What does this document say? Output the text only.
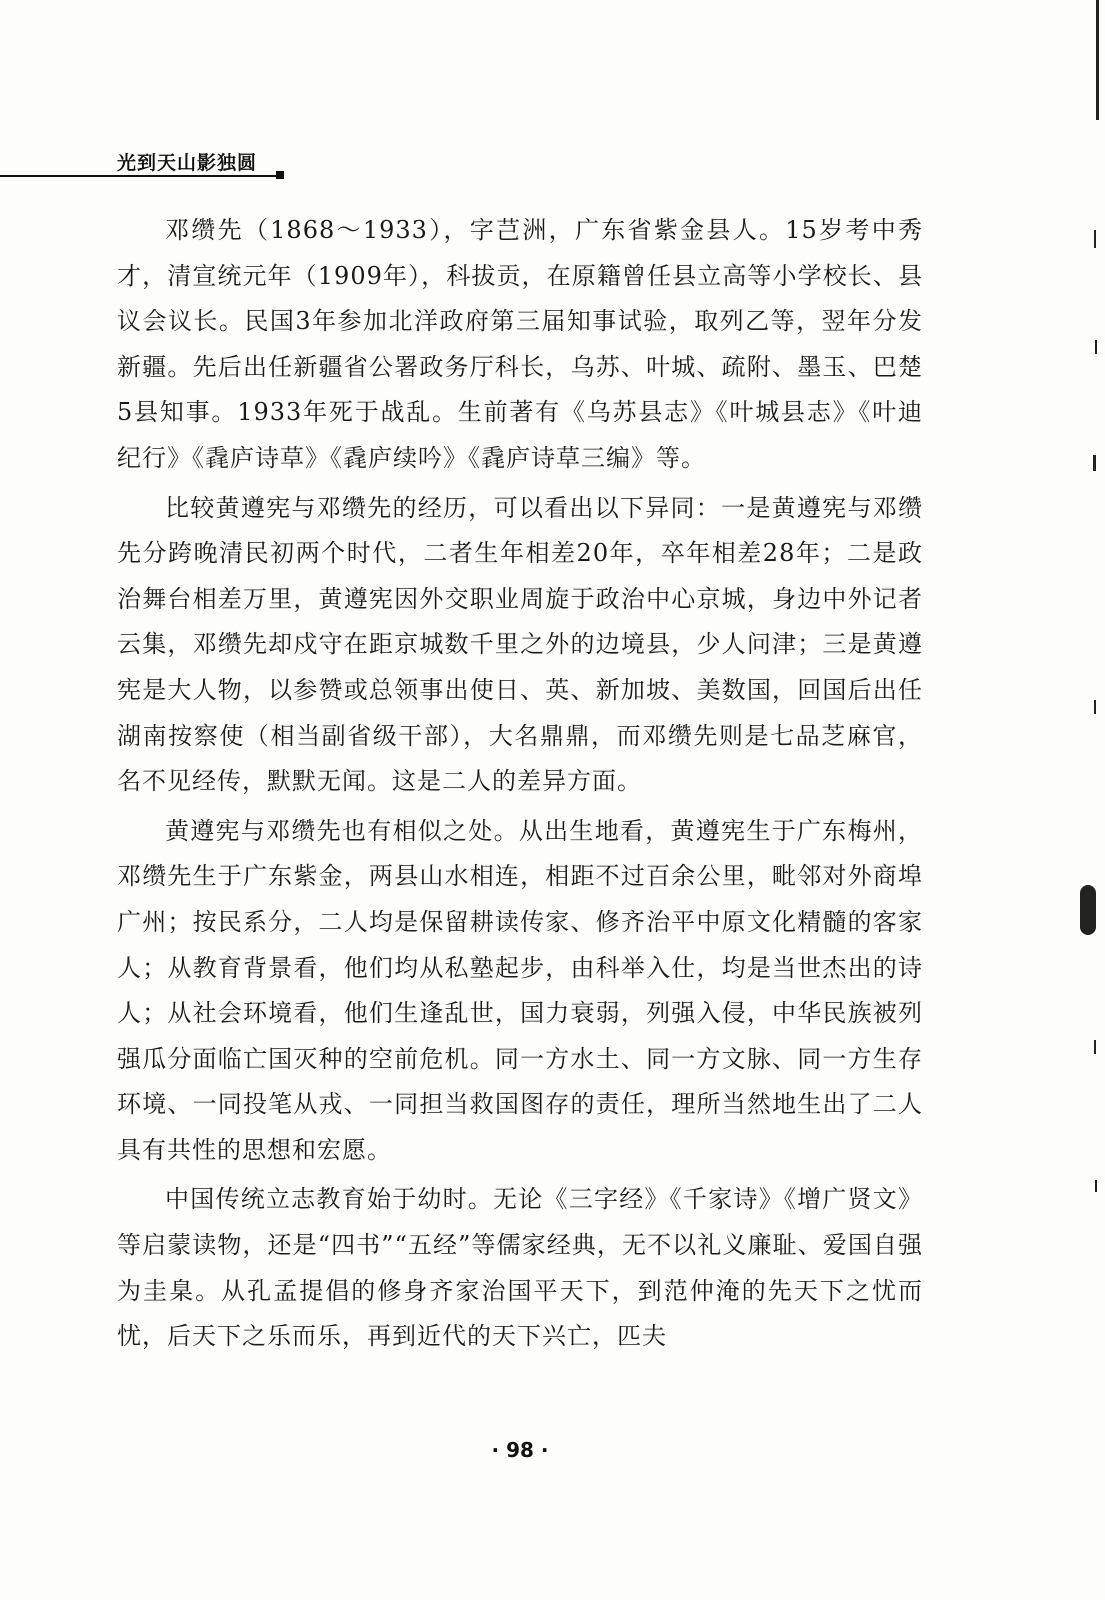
光到天山影独圆

邓缵先（1868～1933），字芑洲，广东省紫金县人。15岁考中秀才，清宣统元年（1909年），科拔贡，在原籍曾任县立高等小学校长、县议会议长。民国3年参加北洋政府第三届知事试验，取列乙等，翌年分发新疆。先后出任新疆省公署政务厅科长，乌苏、叶城、疏附、墨玉、巴楚5县知事。1933年死于战乱。生前著有《乌苏县志》《叶城县志》《叶迪纪行》《毳庐诗草》《毳庐续吟》《毳庐诗草三编》等。

比较黄遵宪与邓缵先的经历，可以看出以下异同：一是黄遵宪与邓缵先分跨晚清民初两个时代，二者生年相差20年，卒年相差28年；二是政治舞台相差万里，黄遵宪因外交职业周旋于政治中心京城，身边中外记者云集，邓缵先却戍守在距京城数千里之外的边境县，少人问津；三是黄遵宪是大人物，以参赞或总领事出使日、英、新加坡、美数国，回国后出任湖南按察使（相当副省级干部），大名鼎鼎，而邓缵先则是七品芝麻官，名不见经传，默默无闻。这是二人的差异方面。

黄遵宪与邓缵先也有相似之处。从出生地看，黄遵宪生于广东梅州，邓缵先生于广东紫金，两县山水相连，相距不过百余公里，毗邻对外商埠广州；按民系分，二人均是保留耕读传家、修齐治平中原文化精髓的客家人；从教育背景看，他们均从私塾起步，由科举入仕，均是当世杰出的诗人；从社会环境看，他们生逢乱世，国力衰弱，列强入侵，中华民族被列强瓜分面临亡国灭种的空前危机。同一方水土、同一方文脉、同一方生存环境、一同投笔从戎、一同担当救国图存的责任，理所当然地生出了二人具有共性的思想和宏愿。

中国传统立志教育始于幼时。无论《三字经》《千家诗》《增广贤文》等启蒙读物，还是“四书”“五经”等儒家经典，无不以礼义廉耻、爱国自强为圭臬。从孔孟提倡的修身齐家治国平天下，到范仲淹的先天下之忧而忧，后天下之乐而乐，再到近代的天下兴亡，匹夫

· 98 ·
